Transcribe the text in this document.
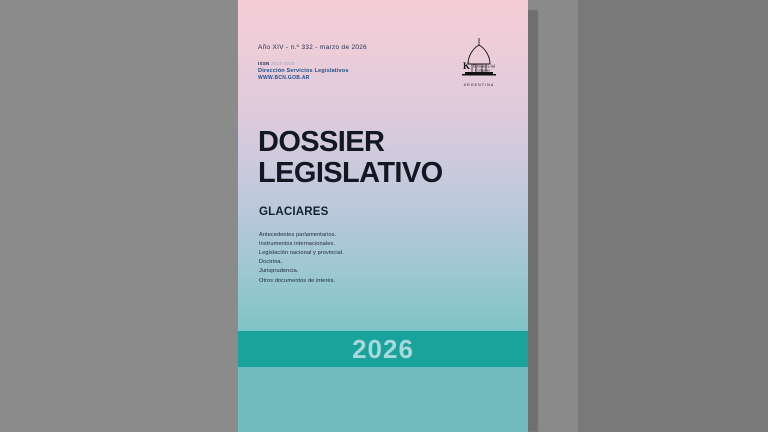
Año XIV - n.º 332 - marzo de 2026

ISSN 2514-3215

Dirección Servicios Legislativos

WWW.BCN.GOB.AR

K Biblioteca del
Congreso
ARGENTINA
DOSSIER
LEGISLATIVO
GLACIARES
Antecedentes parlamentarios.
Instrumentos internacionales.
Legislación nacional y provincial.
Doctrina.
Jurisprudencia.
Otros documentos de interés.
2026
